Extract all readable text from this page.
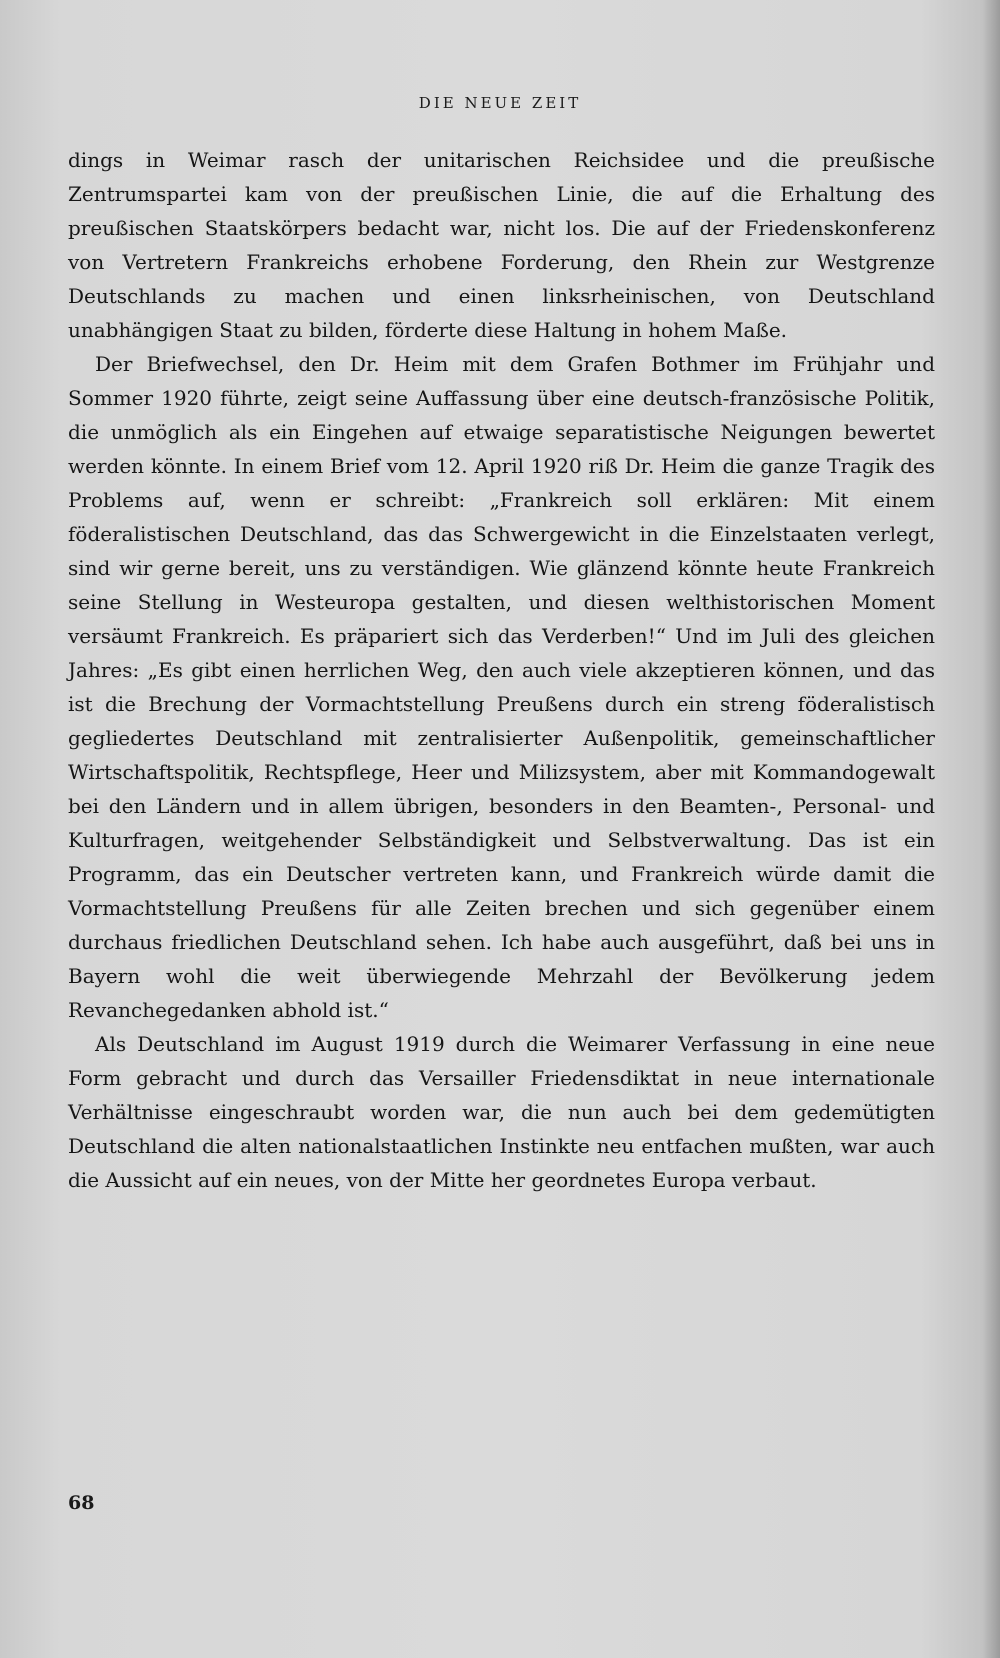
DIE NEUE ZEIT

dings in Weimar rasch der unitarischen Reichsidee und die preußische Zentrumspartei kam von der preußischen Linie, die auf die Erhaltung des preußischen Staatskörpers bedacht war, nicht los. Die auf der Friedenskonferenz von Vertretern Frankreichs erhobene Forderung, den Rhein zur Westgrenze Deutschlands zu machen und einen linksrheinischen, von Deutschland unabhängigen Staat zu bilden, förderte diese Haltung in hohem Maße.

Der Briefwechsel, den Dr. Heim mit dem Grafen Bothmer im Frühjahr und Sommer 1920 führte, zeigt seine Auffassung über eine deutsch-französische Politik, die unmöglich als ein Eingehen auf etwaige separatistische Neigungen bewertet werden könnte. In einem Brief vom 12. April 1920 riß Dr. Heim die ganze Tragik des Problems auf, wenn er schreibt: „Frankreich soll erklären: Mit einem föderalistischen Deutschland, das das Schwergewicht in die Einzelstaaten verlegt, sind wir gerne bereit, uns zu verständigen. Wie glänzend könnte heute Frankreich seine Stellung in Westeuropa gestalten, und diesen welthistorischen Moment versäumt Frankreich. Es präpariert sich das Verderben!“ Und im Juli des gleichen Jahres: „Es gibt einen herrlichen Weg, den auch viele akzeptieren können, und das ist die Brechung der Vormachtstellung Preußens durch ein streng föderalistisch gegliedertes Deutschland mit zentralisierter Außenpolitik, gemeinschaftlicher Wirtschaftspolitik, Rechtspflege, Heer und Milizsystem, aber mit Kommandogewalt bei den Ländern und in allem übrigen, besonders in den Beamten-, Personal- und Kulturfragen, weitgehender Selbständigkeit und Selbstverwaltung. Das ist ein Programm, das ein Deutscher vertreten kann, und Frankreich würde damit die Vormachtstellung Preußens für alle Zeiten brechen und sich gegenüber einem durchaus friedlichen Deutschland sehen. Ich habe auch ausgeführt, daß bei uns in Bayern wohl die weit überwiegende Mehrzahl der Bevölkerung jedem Revanchegedanken abhold ist.“

Als Deutschland im August 1919 durch die Weimarer Verfassung in eine neue Form gebracht und durch das Versailler Friedensdiktat in neue internationale Verhältnisse eingeschraubt worden war, die nun auch bei dem gedemütigten Deutschland die alten nationalstaatlichen Instinkte neu entfachen mußten, war auch die Aussicht auf ein neues, von der Mitte her geordnetes Europa verbaut.

68
